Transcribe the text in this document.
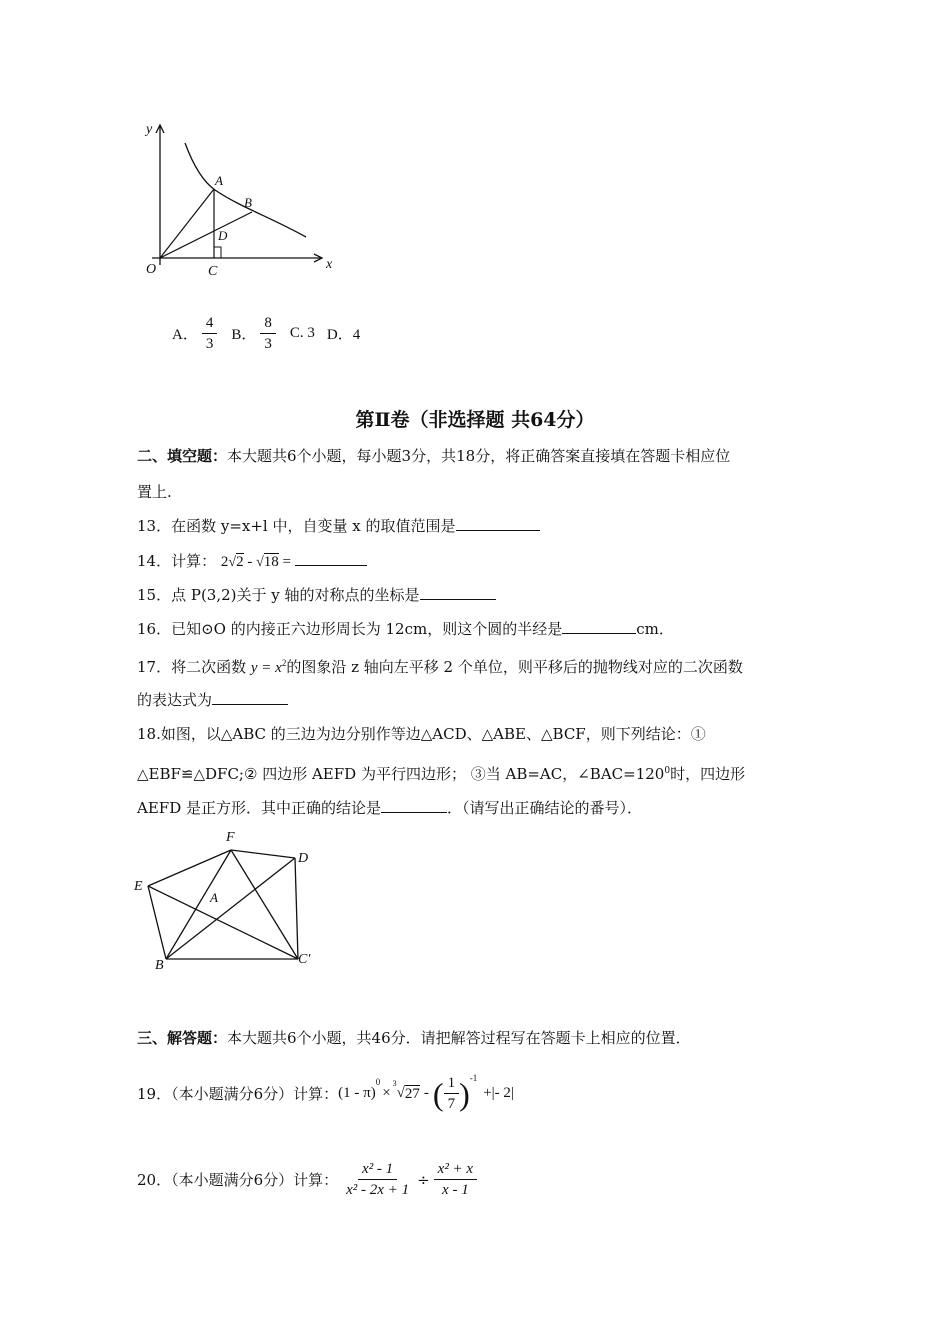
y
x
O
A
B
C
D
A． $\frac{4}{3}$ B． $\frac{8}{3} C$. 3 D．4
第Ⅱ卷（非选择题 共64分）
二、填空题：本大题共6个小题，每小题3分，共18分，将正确答案直接填在答题卡相应位
置上.
13．在函数 y=x+l 中，自变量 x 的取值范围是
14．计算： 2√2 - √18 =
15．点 P(3,2)关于 y 轴的对称点的坐标是
16．已知⊙O 的内接正六边形周长为 12cm，则这个圆的半经是	cm．
17．将二次函数 $y = x^2$的图象沿 z 轴向左平移 2 个单位，则平移后的抛物线对应的二次函数
的表达式为
18.如图，以△ABC 的三边为边分别作等边△ACD、△ABE、△BCF，则下列结论：①
△EBF≌△DFC;② 四边形 AEFD 为平行四边形； ③当 AB=AC，$\angle BAC=120^0$时，四边形
AEFD 是正方形．其中正确的结论是	．（请写出正确结论的番号）．
F
D
E
A
B	C'
三、解答题：本大题共6个小题，共46分．请把解答过程写在答题卡上相应的位置．
19．（本小题满分6分）计算： (1 - π)
$^0$
×
$^3$
√ 27 - ( $\frac{1}{7} )^{-1}$
+|- 2|
20．（本小题满分6分）计算： $\frac{\text{x² - 1}}{\text{x² - 2x + 1}} \div \frac{\text{x² + x}}{x - 1}$
